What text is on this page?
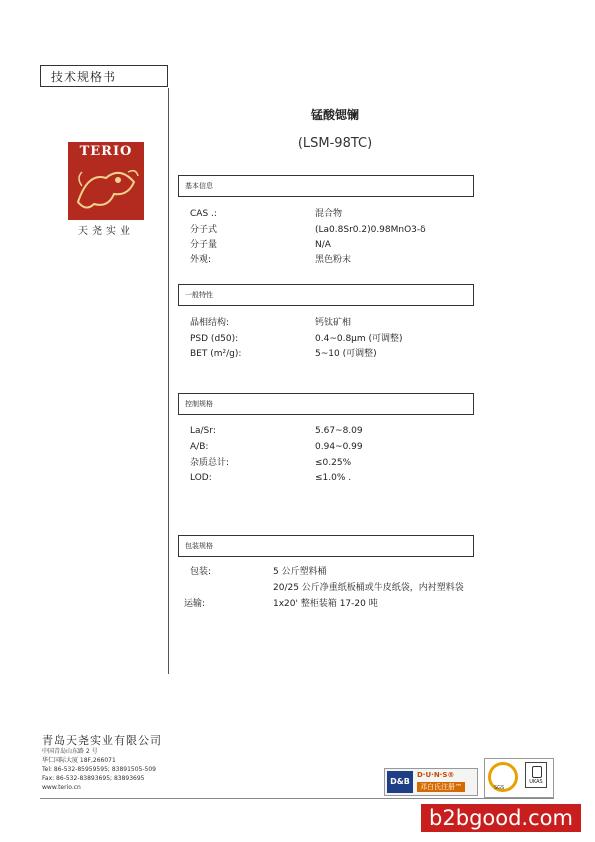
技术规格书
TERIO
天尧实业
锰酸锶镧
(LSM-98TC)
基本信息
CAS .:	混合物
分子式	(La0.8Sr0.2)0.98MnO3-δ
分子量	N/A
外观:	黑色粉末
一般特性
晶相结构:	钙钛矿相
PSD (d50):	0.4~0.8μm (可调整)
BET (m²/g):	5~10 (可调整)
控制规格
La/Sr:	5.67~8.09
A/B:	0.94~0.99
杂质总计:	≤0.25%
LOD:	≤1.0% .
包装规格
包装:	5 公斤塑料桶
20/25 公斤净重纸板桶或牛皮纸袋，内衬塑料袋
运输:	1x20' 整柜装箱 17-20 吨
青岛天尧实业有限公司
中国青岛山东路 2 号
华仁国际大厦 18F,266071
Tel: 86-532-85959595; 83891505-509
Fax: 86-532-83893695; 83893695
www.terio.cn
D&B
D·U·N·S®
邓白氏注册™	SGS
UKAS
b2bgood.com
